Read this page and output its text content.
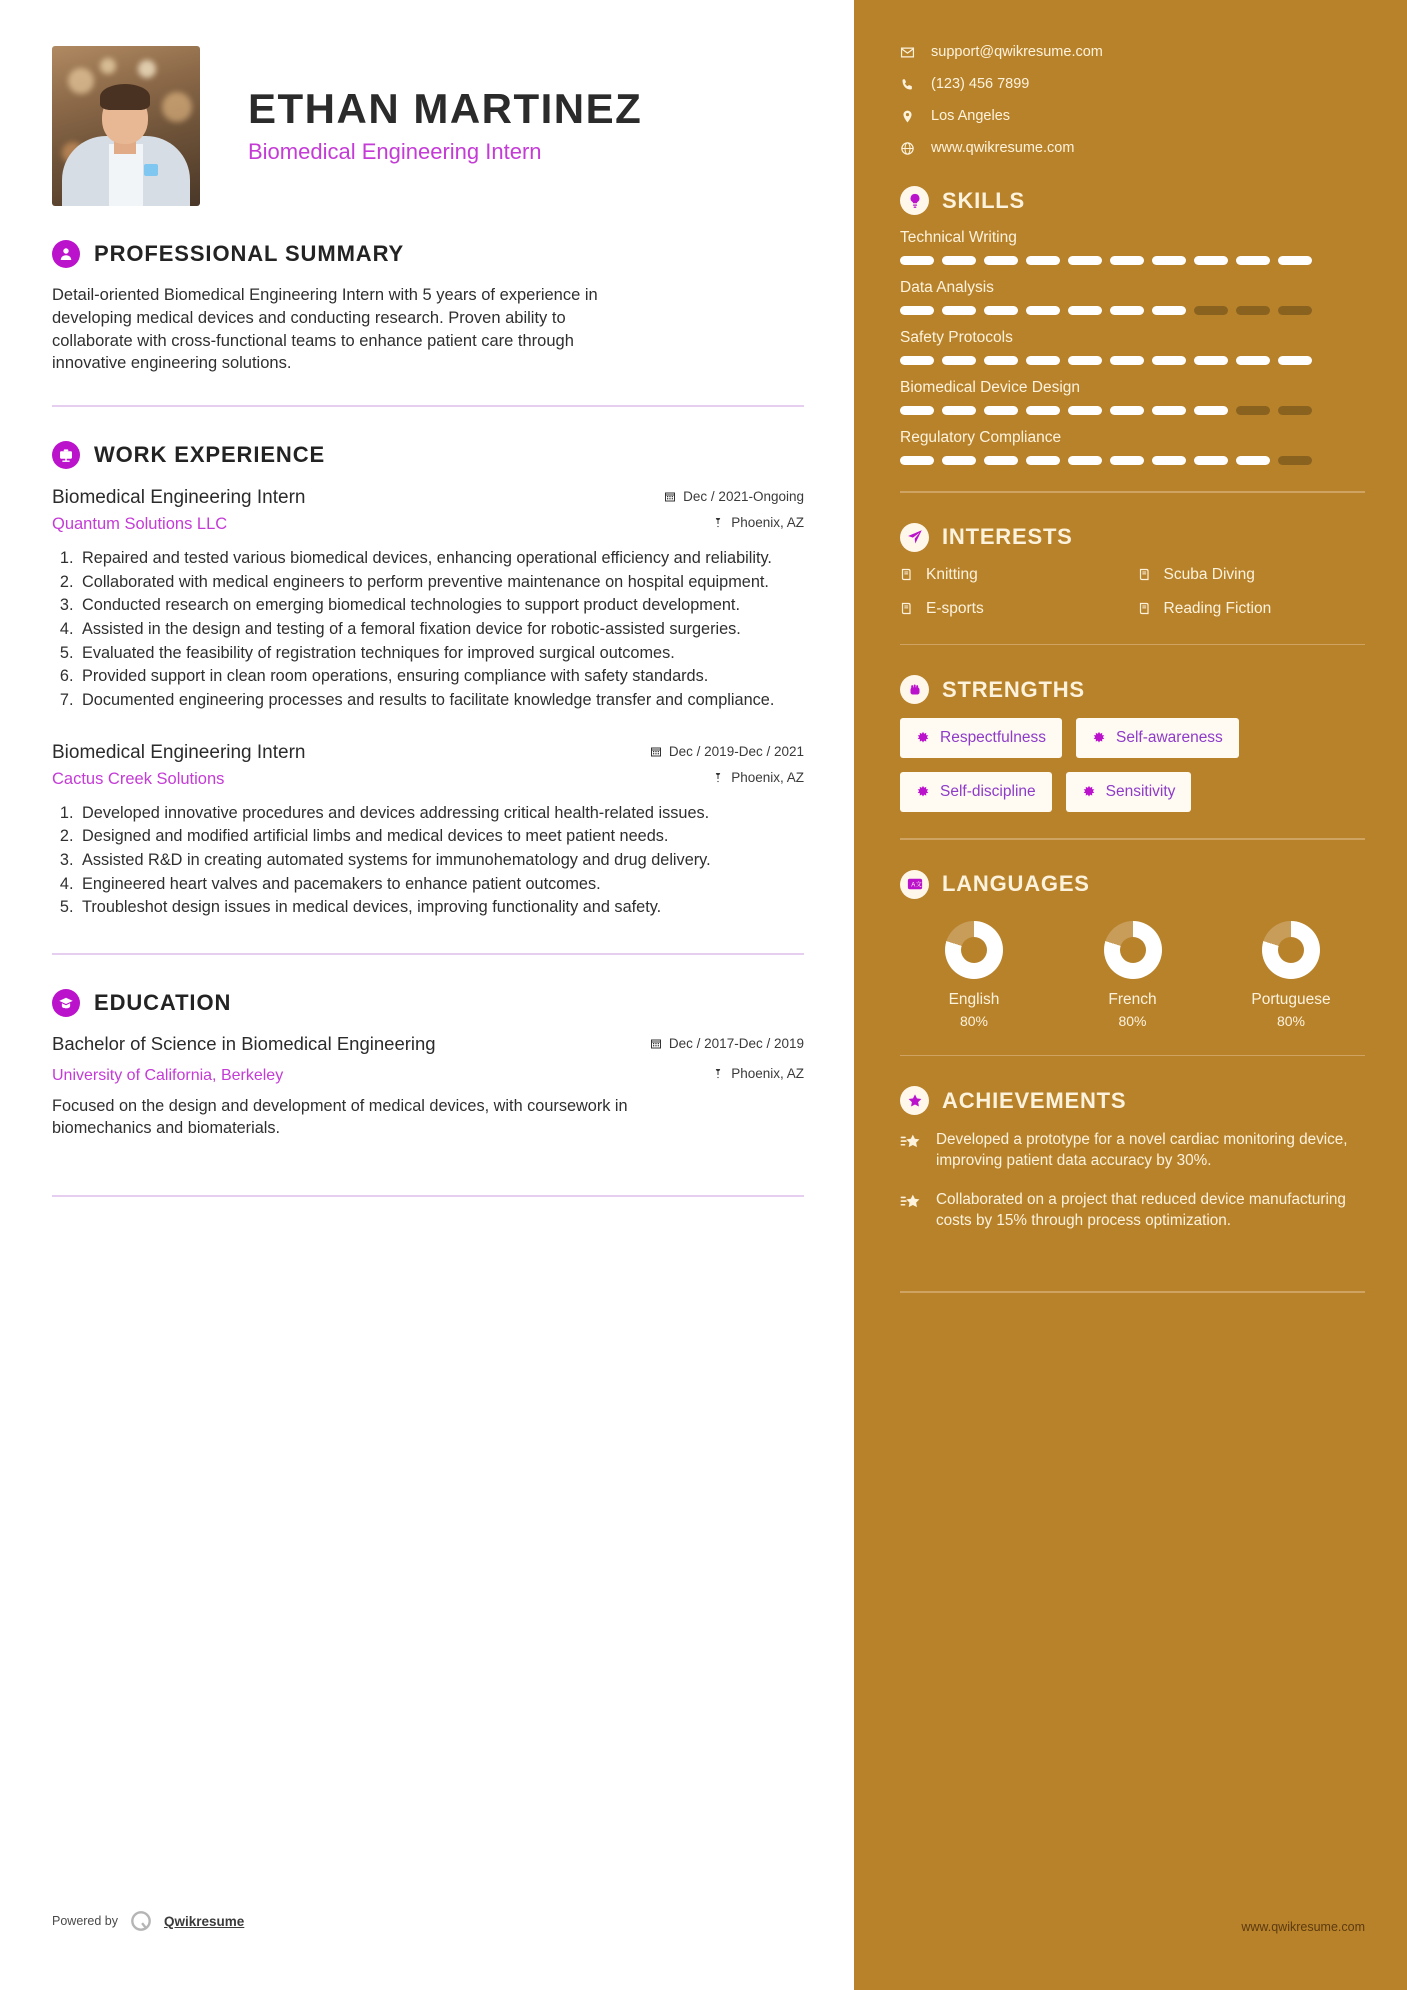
ETHAN MARTINEZ
Biomedical Engineering Intern
PROFESSIONAL SUMMARY
Detail-oriented Biomedical Engineering Intern with 5 years of experience in developing medical devices and conducting research. Proven ability to collaborate with cross-functional teams to enhance patient care through innovative engineering solutions.
WORK EXPERIENCE
Biomedical Engineering Intern	Dec / 2021-Ongoing
Quantum Solutions LLC	Phoenix, AZ
1. Repaired and tested various biomedical devices, enhancing operational efficiency and reliability.
2. Collaborated with medical engineers to perform preventive maintenance on hospital equipment.
3. Conducted research on emerging biomedical technologies to support product development.
4. Assisted in the design and testing of a femoral fixation device for robotic-assisted surgeries.
5. Evaluated the feasibility of registration techniques for improved surgical outcomes.
6. Provided support in clean room operations, ensuring compliance with safety standards.
7. Documented engineering processes and results to facilitate knowledge transfer and compliance.
Biomedical Engineering Intern	Dec / 2019-Dec / 2021
Cactus Creek Solutions	Phoenix, AZ
1. Developed innovative procedures and devices addressing critical health-related issues.
2. Designed and modified artificial limbs and medical devices to meet patient needs.
3. Assisted R&D in creating automated systems for immunohematology and drug delivery.
4. Engineered heart valves and pacemakers to enhance patient outcomes.
5. Troubleshot design issues in medical devices, improving functionality and safety.
EDUCATION
Bachelor of Science in Biomedical Engineering	Dec / 2017-Dec / 2019
University of California, Berkeley	Phoenix, AZ
Focused on the design and development of medical devices, with coursework in biomechanics and biomaterials.
Powered by	Qwikresume
support@qwikresume.com
(123) 456 7899
Los Angeles
www.qwikresume.com
SKILLS
Technical Writing
Data Analysis
Safety Protocols
Biomedical Device Design
Regulatory Compliance
INTERESTS
Knitting	Scuba Diving
E-sports	Reading Fiction
STRENGTHS
Respectfulness	Self-awareness
Self-discipline	Sensitivity
A 文 LANGUAGES
English
80%
French
80%
Portuguese
80%
ACHIEVEMENTS
Developed a prototype for a novel cardiac monitoring device, improving patient data accuracy by 30%.
Collaborated on a project that reduced device manufacturing costs by 15% through process optimization.
www.qwikresume.com
